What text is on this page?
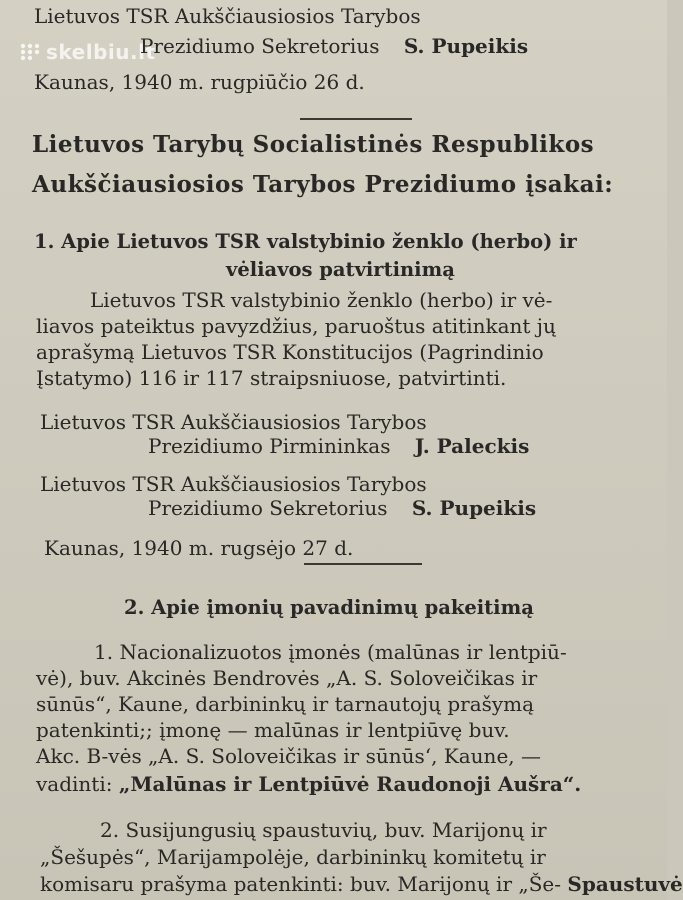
skelbiu.lt
Lietuvos TSR Aukščiausiosios Tarybos
Prezidiumo Sekretorius S. Pupeikis
Kaunas, 1940 m. rugpiūčio 26 d.
Lietuvos Tarybų Socialistinės Respublikos
Aukščiausiosios Tarybos Prezidiumo įsakai:
1. Apie Lietuvos TSR valstybinio ženklo (herbo) ir
vėliavos patvirtinimą
Lietuvos TSR valstybinio ženklo (herbo) ir vė-
liavos pateiktus pavyzdžius, paruoštus atitinkant jų
aprašymą Lietuvos TSR Konstitucijos (Pagrindinio
Įstatymo) 116 ir 117 straipsniuose, patvirtinti.
Lietuvos TSR Aukščiausiosios Tarybos
Prezidiumo Pirmininkas J. Paleckis
Lietuvos TSR Aukščiausiosios Tarybos
Prezidiumo Sekretorius S. Pupeikis
Kaunas, 1940 m. rugsėjo 27 d.
2. Apie įmonių pavadinimų pakeitimą
1. Nacionalizuotos įmonės (malūnas ir lentpiū-
vė), buv. Akcinės Bendrovės „A. S. Soloveičikas ir
sūnūs“, Kaune, darbininkų ir tarnautojų prašymą
patenkinti;; įmonę — malūnas ir lentpiūvę buv.
Akc. B-vės „A. S. Soloveičikas ir sūnūs‘, Kaune, —
vadinti: „Malūnas ir Lentpiūvė Raudonoji Aušra“.
2. Susijungusių spaustuvių, buv. Marijonų ir
„Šešupės“, Marijampolėje, darbininkų komitetų ir
komisaru prašyma patenkinti: buv. Marijonų ir „Še- Spaustuvė
